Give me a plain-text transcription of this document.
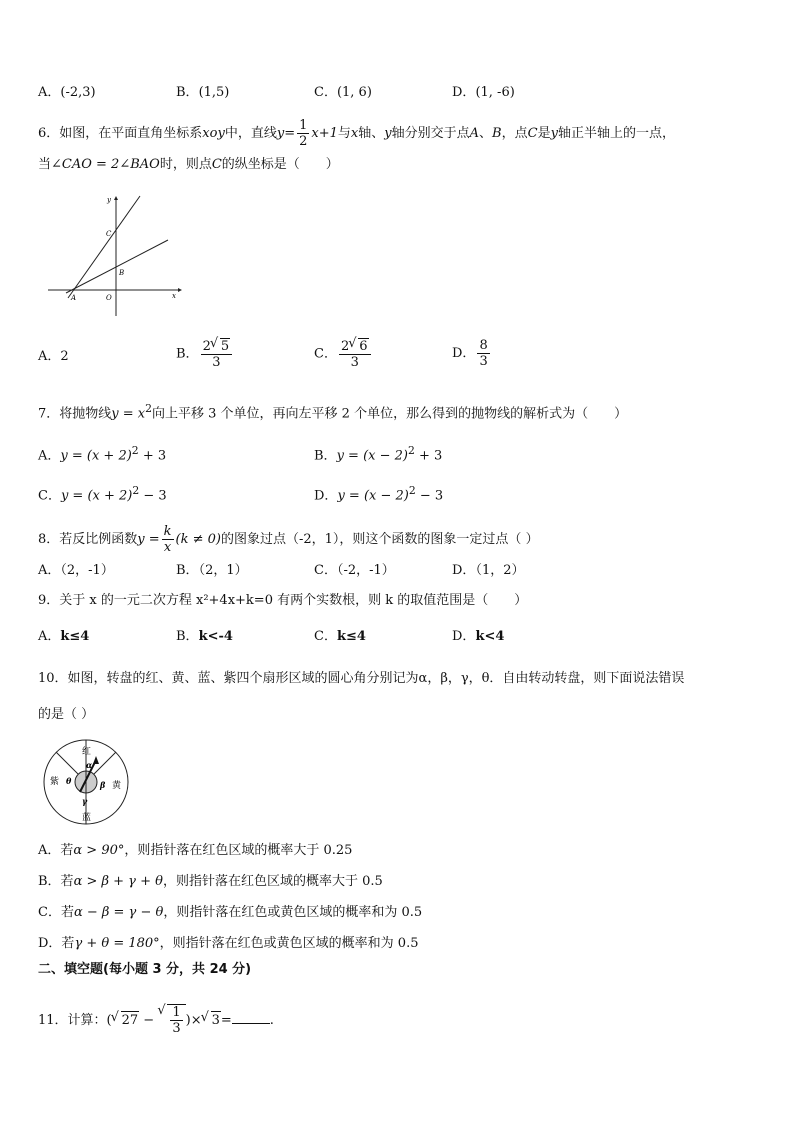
A．(-2,3)	B．(1,5)	C．(1, 6)	D．(1, -6)
6．如图，在平面直角坐标系xoy中，直线$y= \frac{1}{2} x+1$与x轴、y轴分别交于点A、B，点C是y轴正半轴上的一点，
当∠CAO = 2∠BAO时，则点C的纵坐标是（　　）
y
x
C
B
A	O
A．2	B． $\frac{2 √ 5}{3}$	C． $\frac{2 √ 6}{3}$	D． $\frac{8}{3}$
7．将抛物线$y = x^2$向上平移 3 个单位，再向左平移 2 个单位，那么得到的抛物线的解析式为（　　）
A．$y = (x + 2)^2 + 3$	B．$y = (x - 2)^2 + 3$
C．$y = (x + 2)^2 - 3$	D．$y = (x - 2)^2 - 3$
8．若反比例函数$y = \frac{k}{x} (k \ne 0)$的图象过点（-2，1），则这个函数的图象一定过点（ ）
A．（2，-1）	B．（2，1）	C．（-2，-1）	D．（1，2）
9．关于 x 的一元二次方程 x²+4x+k=0 有两个实数根，则 k 的取值范围是（　　）
A．k≤4	B．k<-4	C．k≤4	D．k<4
10．如图，转盘的红、黄、蓝、紫四个扇形区域的圆心角分别记为α，β，γ，θ．自由转动转盘，则下面说法错误
的是（ ）
红
黄
蓝
紫
α
β
γ
θ
A．若α > 90°，则指针落在红色区域的概率大于 0.25
B．若α > β + γ + θ，则指针落在红色区域的概率大于 0.5
C．若α − β = γ − θ，则指针落在红色或黄色区域的概率和为 0.5
D．若γ + θ = 180°，则指针落在红色或黄色区域的概率和为 0.5
二、填空题(每小题 3 分，共 24 分)
11．计算：( √ 27 − √ $\frac{1}{3}$ )× √ 3=	.
